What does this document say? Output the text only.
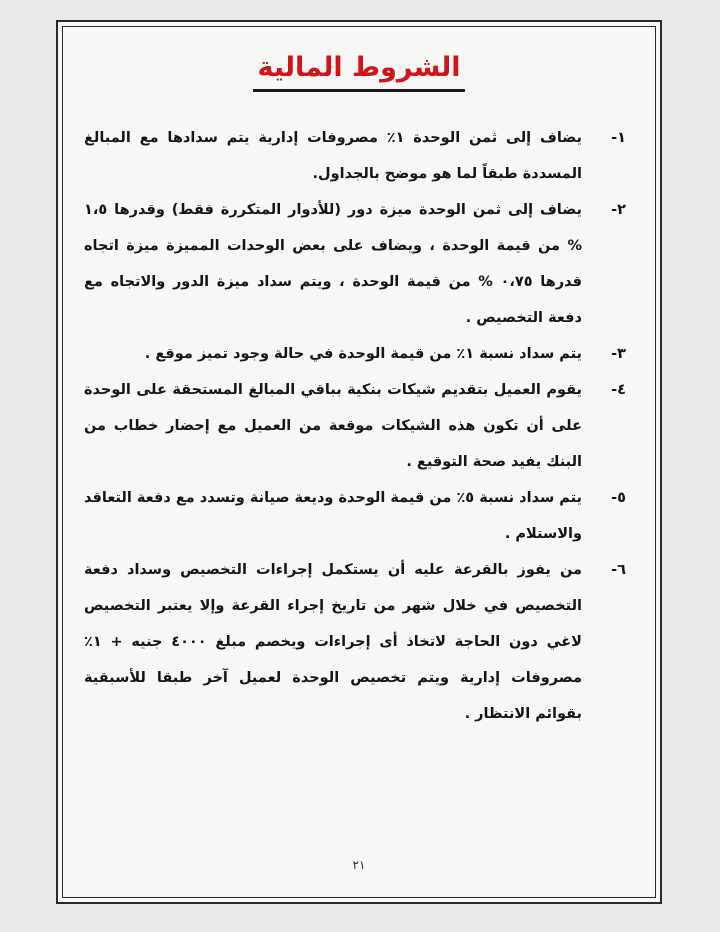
الشروط المالية
١-
يضاف إلى ثمن الوحدة ١٪ مصروفات إدارية يتم سدادها مع المبالغ المسددة طبقاً لما هو موضح بالجداول.
٢-
يضاف إلى ثمن الوحدة ميزة دور (للأدوار المتكررة فقط) وقدرها ١،٥ % من قيمة الوحدة ، ويضاف على بعض الوحدات المميزة ميزة اتجاه قدرها ٠،٧٥ % من قيمة الوحدة ، ويتم سداد ميزة الدور والاتجاه مع دفعة التخصيص .
٣-
يتم سداد نسبة ١٪ من قيمة الوحدة في حالة وجود تميز موقع .
٤-
يقوم العميل بتقديم شيكات بنكية بباقي المبالغ المستحقة على الوحدة على أن تكون هذه الشيكات موقعة من العميل مع إحضار خطاب من البنك يفيد صحة التوقيع .
٥-
يتم سداد نسبة ٥٪ من قيمة الوحدة وديعة صيانة وتسدد مع دفعة التعاقد والاستلام .
٦-
من يفوز بالقرعة عليه أن يستكمل إجراءات التخصيص وسداد دفعة التخصيص في خلال شهر من تاريخ إجراء القرعة وإلا يعتبر التخصيص لاغي دون الحاجة لاتخاذ أى إجراءات ويخصم مبلغ ٤٠٠٠ جنيه + ١٪ مصروفات إدارية ويتم تخصيص الوحدة لعميل آخر طبقا للأسبقية بقوائم الانتظار .
٢١
